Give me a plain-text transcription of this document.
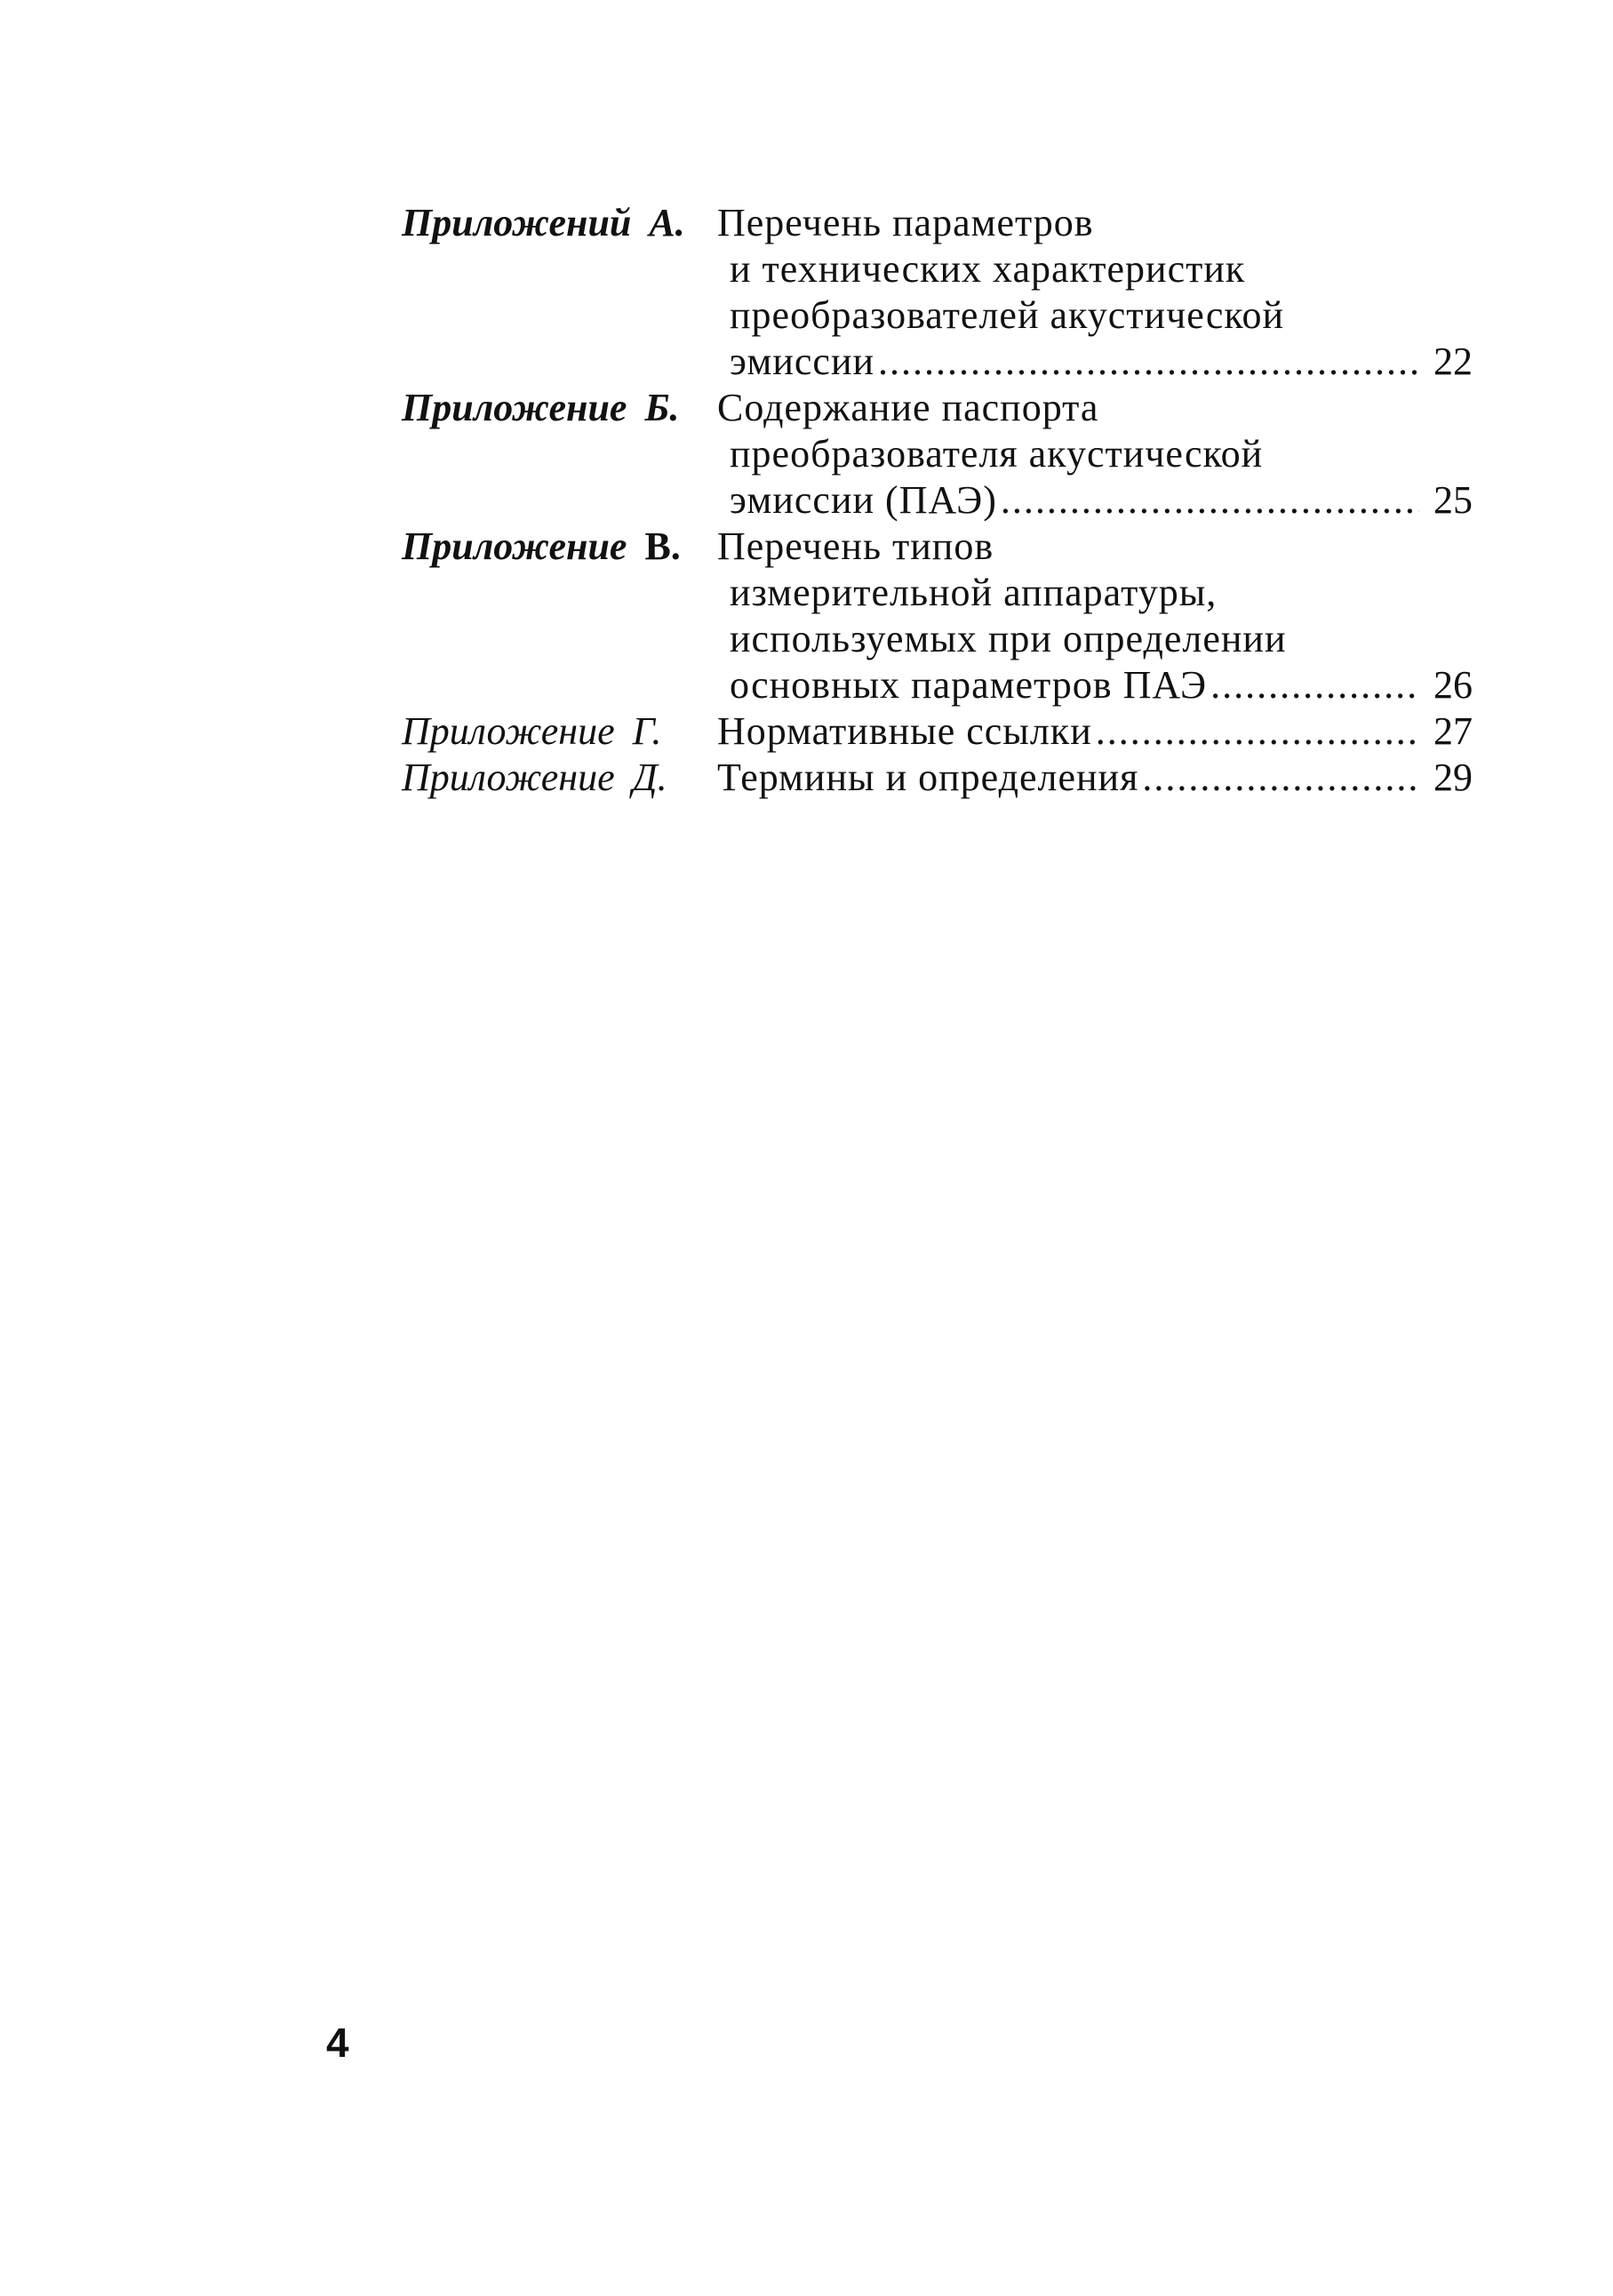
Приложений А. Перечень параметров
и технических характеристик
преобразователей акустической
эмиссии .....	22
Приложение Б. Содержание паспорта
преобразователя акустической
эмиссии (ПАЭ) .....	25
Приложение В. Перечень типов
измерительной аппаратуры,
используемых при определении
основных параметров ПАЭ .....	26
Приложение Г.	Нормативные ссылки .....	27
Приложение Д.	Термины и определения .....	29
4
